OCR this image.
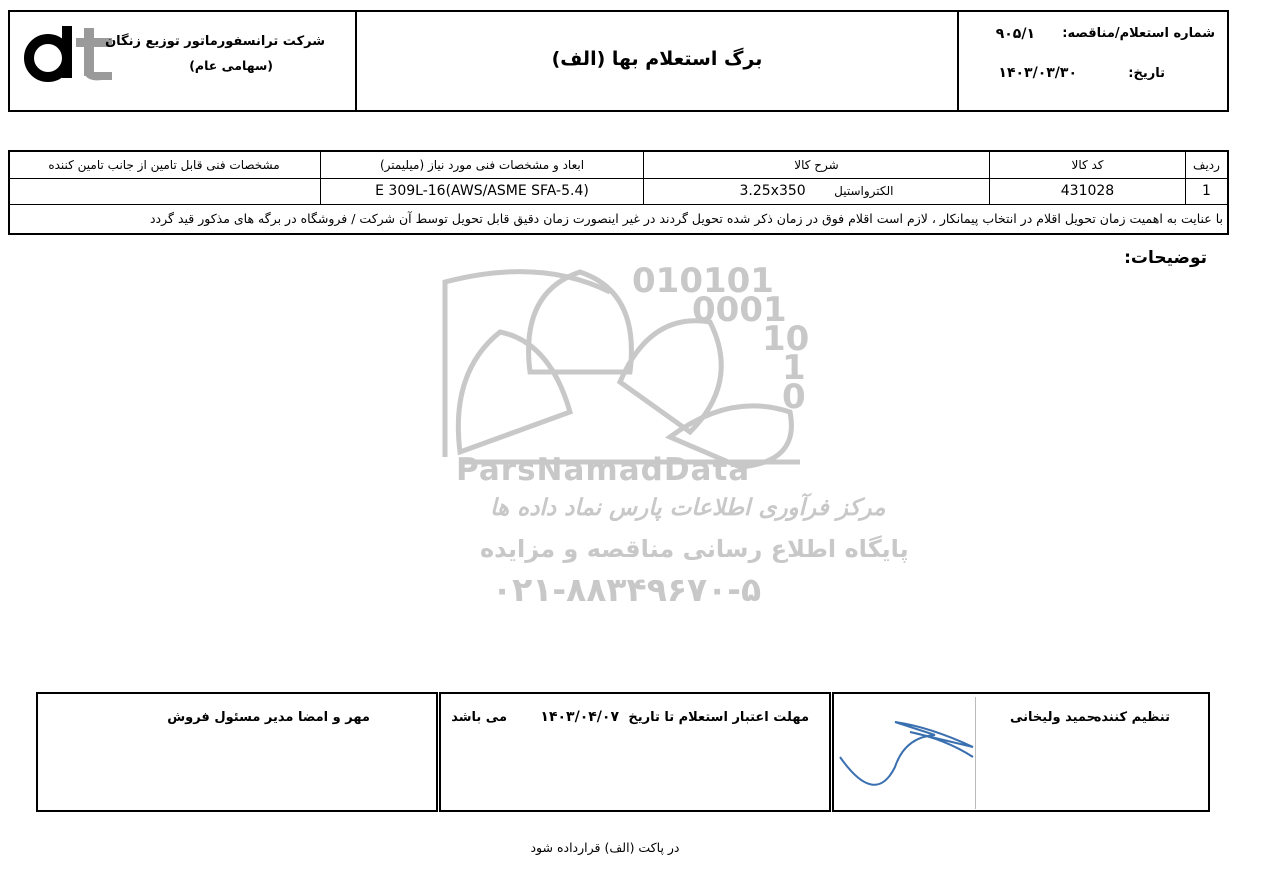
شماره استعلام/مناقصه:
۹۰۵/۱
تاریخ:
۱۴۰۳/۰۳/۳۰
برگ استعلام بها (الف)
شرکت ترانسفورماتور توزیع زنگان
(سهامی عام)
ردیف
کد کالا
شرح کالا
ابعاد و مشخصات فنی مورد نیاز (میلیمتر)
مشخصات فنی قابل تامین از جانب تامین کننده
1
431028
الکترواستیل 3.25x350
E 309L-16(AWS/ASME SFA-5.4)
با عنایت به اهمیت زمان تحویل اقلام در انتخاب پیمانکار ، لازم است اقلام فوق در زمان ذکر شده تحویل گردند در غیر اینصورت زمان دقیق قابل تحویل توسط آن شرکت / فروشگاه در برگه های مذکور قید گردد
توضیحات:
010101
0001
10
1
0
ParsNamadData
مرکز فرآوری اطلاعات پارس نماد داده ها
پایگاه اطلاع رسانی مناقصه و مزایده
۰۲۱-۸۸۳۴۹۶۷۰-۵
تنظیم کننده
حمید ولیخانی
مهلت اعتبار استعلام تا تاریخ
۱۴۰۳/۰۴/۰۷
می باشد
مهر و امضا مدیر مسئول فروش
در پاکت (الف) قرارداده شود
